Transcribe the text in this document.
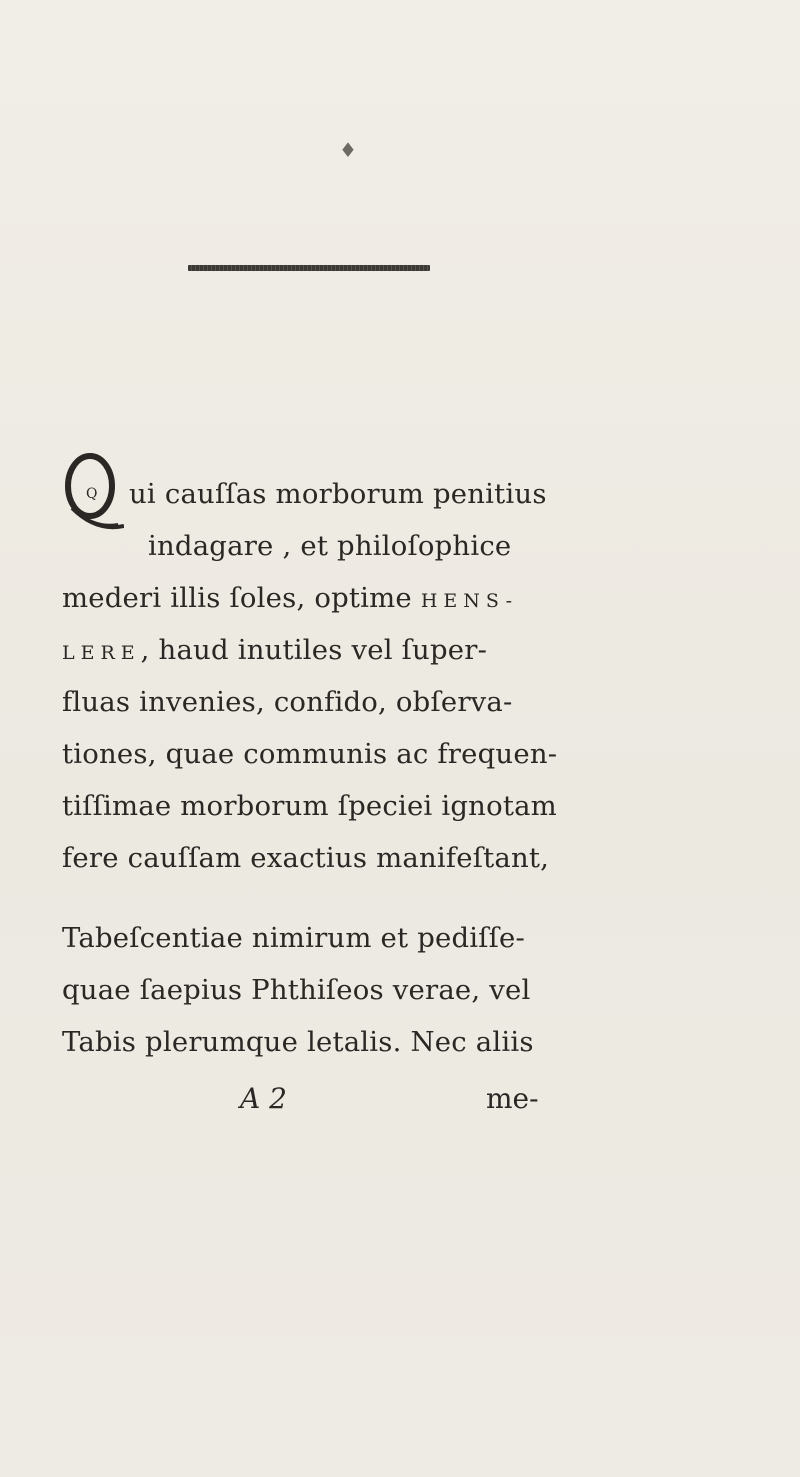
♦
Q ui cauſſas morborum penitius
indagare , et philoſophice
mederi illis ſoles, optime HENS-
LERE, haud inutiles vel ſuper-
fluas invenies, confido, obſerva-
tiones, quae communis ac frequen-
tiſſimae morborum ſpeciei ignotam
fere cauſſam exactius manifeſtant,
Tabeſcentiae nimirum et pediſſe-
quae ſaepius Phthiſeos verae, vel
Tabis plerumque letalis. Nec aliis
A 2	me-
